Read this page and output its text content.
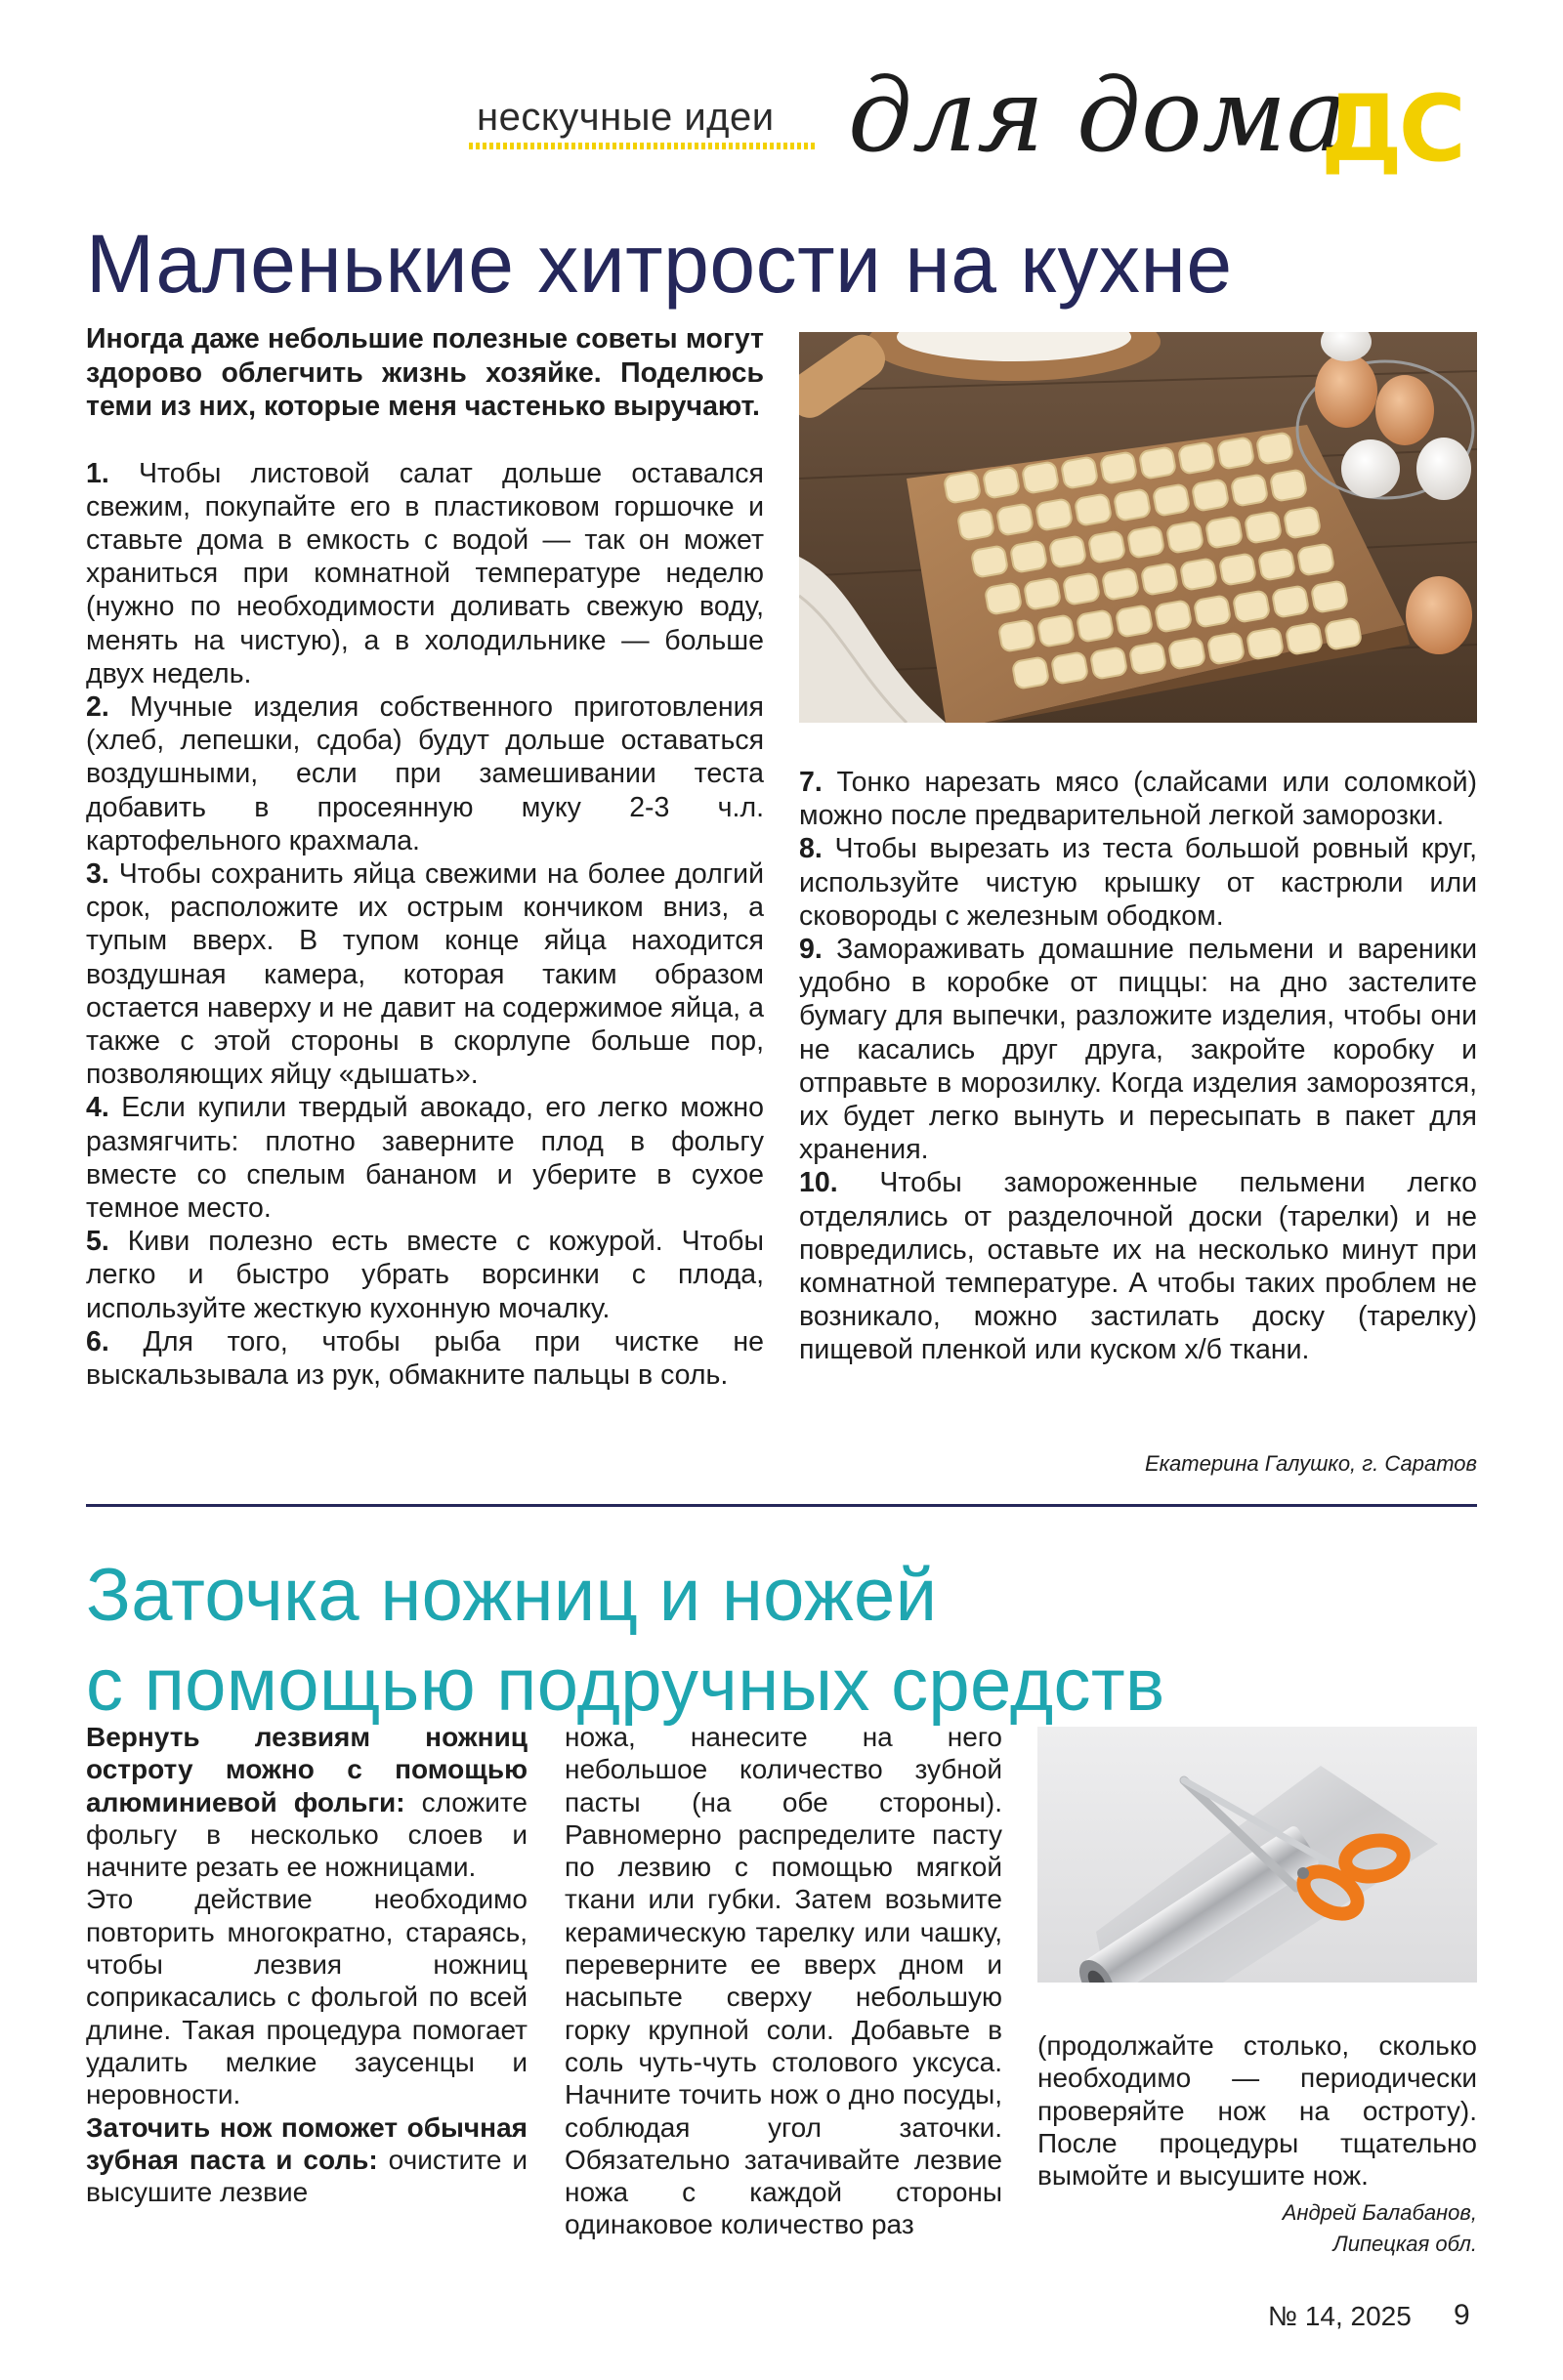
нескучные идеи для дома
ДС
Маленькие хитрости на кухне

Иногда даже небольшие полезные советы могут здорово облегчить жизнь хозяйке. Поделюсь теми из них, которые меня частенько выручают.

1. Чтобы листовой салат дольше оставался свежим, покупайте его в пластиковом горшочке и ставьте дома в емкость с водой — так он может храниться при комнатной температуре неделю (нужно по необходимости доливать свежую воду, менять на чистую), а в холодильнике — больше двух недель.

2. Мучные изделия собственного приготовления (хлеб, лепешки, сдоба) будут дольше оставаться воздушными, если при замешивании теста добавить в просеянную муку 2-3 ч.л. картофельного крахмала.

3. Чтобы сохранить яйца свежими на более долгий срок, расположите их острым кончиком вниз, а тупым вверх. В тупом конце яйца находится воздушная камера, которая таким образом остается наверху и не давит на содержимое яйца, а также с этой стороны в скорлупе больше пор, позволяющих яйцу «дышать».

4. Если купили твердый авокадо, его легко можно размягчить: плотно заверните плод в фольгу вместе со спелым бананом и уберите в сухое темное место.

5. Киви полезно есть вместе с кожурой. Чтобы легко и быстро убрать ворсинки с плода, используйте жесткую кухонную мочалку.

6. Для того, чтобы рыба при чистке не выскальзывала из рук, обмакните пальцы в соль.

7. Тонко нарезать мясо (слайсами или соломкой) можно после предварительной легкой заморозки.

8. Чтобы вырезать из теста большой ровный круг, используйте чистую крышку от кастрюли или сковороды с железным ободком.

9. Замораживать домашние пельмени и вареники удобно в коробке от пиццы: на дно застелите бумагу для выпечки, разложите изделия, чтобы они не касались друг друга, закройте коробку и отправьте в морозилку. Когда изделия заморозятся, их будет легко вынуть и пересыпать в пакет для хранения.

10. Чтобы замороженные пельмени легко отделялись от разделочной доски (тарелки) и не повредились, оставьте их на несколько минут при комнатной температуре. А чтобы таких проблем не возникало, можно застилать доску (тарелку) пищевой пленкой или куском х/б ткани.

Екатерина Галушко, г. Саратов
Заточка ножниц и ножей
с помощью подручных средств

Вернуть лезвиям ножниц остроту можно с помощью алюминиевой фольги: сложите фольгу в несколько слоев и начните резать ее ножницами.

Это действие необходимо повторить многократно, стараясь, чтобы лезвия ножниц соприкасались с фольгой по всей длине. Такая процедура помогает удалить мелкие заусенцы и неровности.

Заточить нож поможет обычная зубная паста и соль: очистите и высушите лезвие

ножа, нанесите на него небольшое количество зубной пасты (на обе стороны). Равномерно распределите пасту по лезвию с помощью мягкой ткани или губки. Затем возьмите керамическую тарелку или чашку, переверните ее вверх дном и насыпьте сверху небольшую горку крупной соли. Добавьте в соль чуть-чуть столового уксуса. Начните точить нож о дно посуды, соблюдая угол заточки. Обязательно затачивайте лезвие ножа с каждой стороны одинаковое количество раз

(продолжайте столько, сколько необходимо — периодически проверяйте нож на остроту). После процедуры тщательно вымойте и высушите нож.

Андрей Балабанов,
Липецкая обл.
№ 14, 2025 9
